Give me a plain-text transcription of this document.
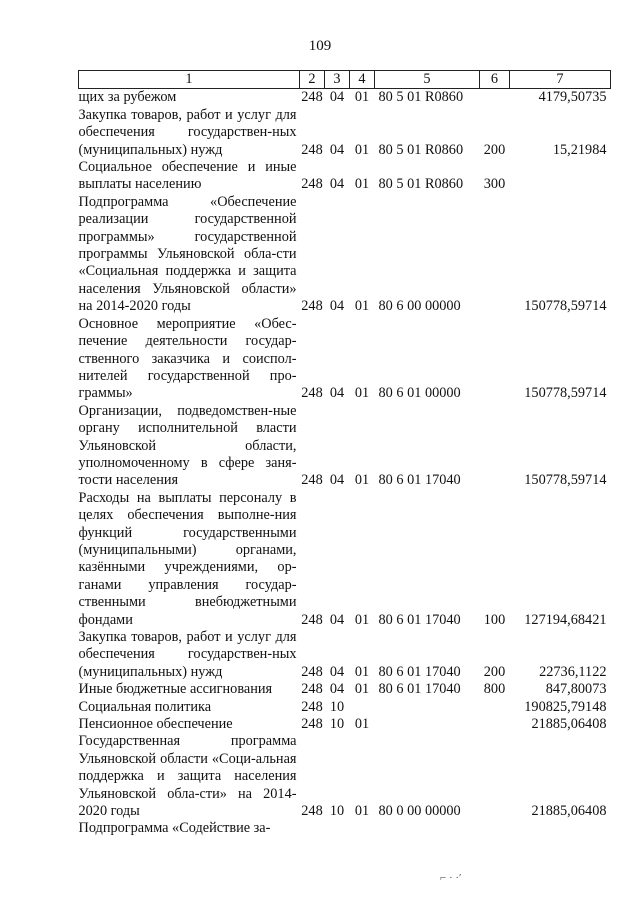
109
1	2	3	4	5	6	7
щих за рубежом	248	04	01	80 5 01 R0860		4179,50735
Закупка товаров, работ и услуг для обеспечения государствен-ных (муниципальных) нужд	248	04	01	80 5 01 R0860	200	15,21984
Социальное обеспечение и иные выплаты населению	248	04	01	80 5 01 R0860	300	
Подпрограмма «Обеспечение реализации государственной программы» государственной программы Ульяновской обла-сти «Социальная поддержка и защита населения Ульяновской области» на 2014-2020 годы	248	04	01	80 6 00 00000		150778,59714
Основное мероприятие «Обес-печение деятельности государ-ственного заказчика и соиспол-нителей государственной про-граммы»	248	04	01	80 6 01 00000		150778,59714
Организации, подведомствен-ные органу исполнительной власти Ульяновской области, уполномоченному в сфере заня-тости населения	248	04	01	80 6 01 17040		150778,59714
Расходы на выплаты персоналу в целях обеспечения выполне-ния функций государственными (муниципальными) органами, казёнными учреждениями, ор-ганами управления государ-ственными внебюджетными фондами	248	04	01	80 6 01 17040	100	127194,68421
Закупка товаров, работ и услуг для обеспечения государствен-ных (муниципальных) нужд	248	04	01	80 6 01 17040	200	22736,1122
Иные бюджетные ассигнования	248	04	01	80 6 01 17040	800	847,80073
Социальная политика	248	10				190825,79148
Пенсионное обеспечение	248	10	01			21885,06408
Государственная программа Ульяновской области «Соци-альная поддержка и защита населения Ульяновской обла-сти» на 2014-2020 годы	248	10	01	80 0 00 00000		21885,06408
Подпрограмма «Содействие за-						
⌐ · ·′
